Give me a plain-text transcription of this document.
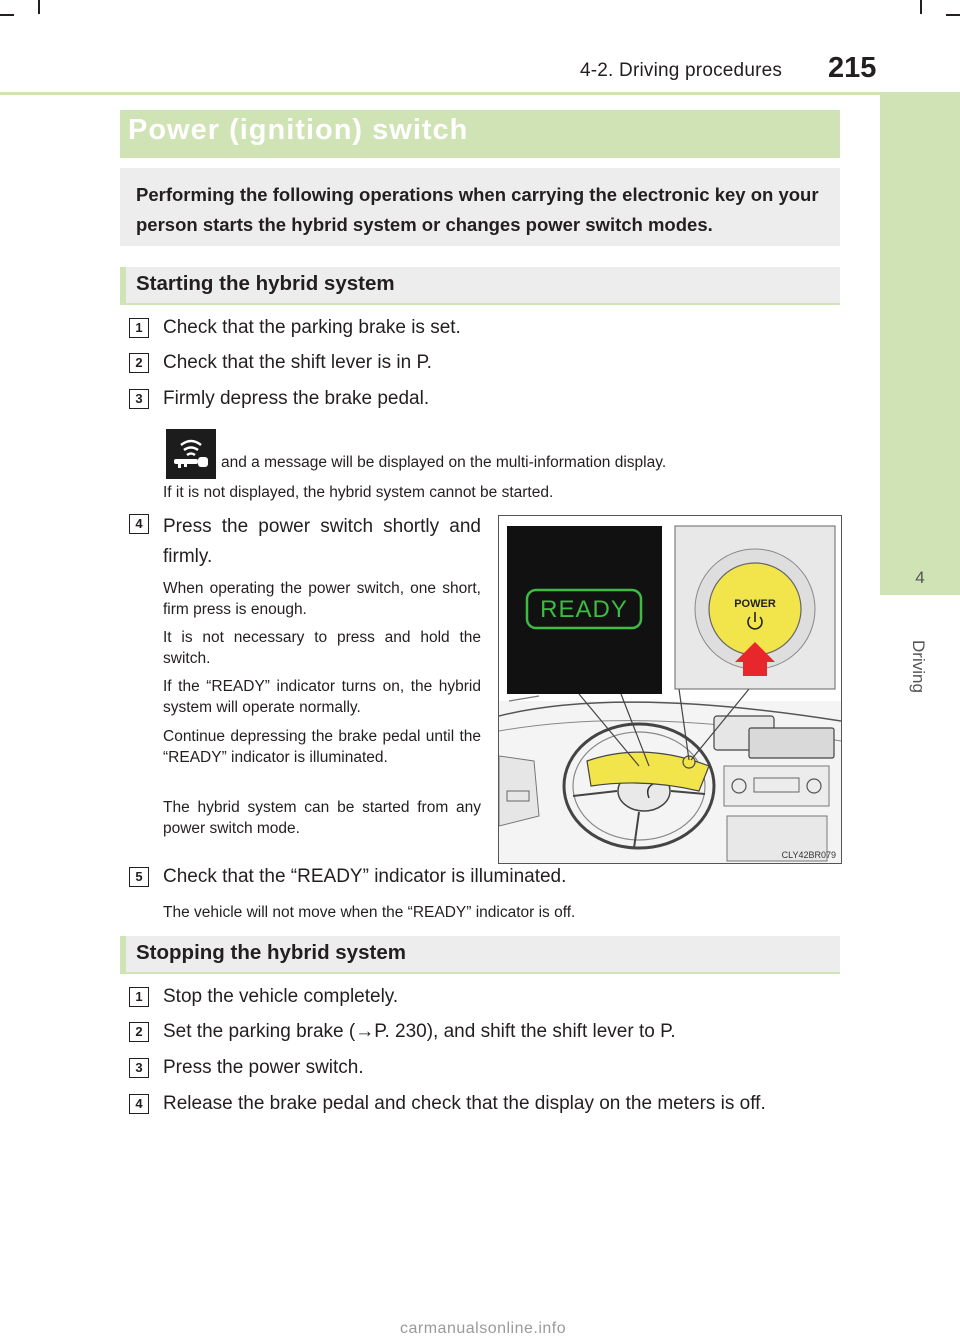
4-2. Driving procedures 215
4
Driving
Power (ignition) switch

Performing the following operations when carrying the electronic key on your person starts the hybrid system or changes power switch modes.

Starting the hybrid system
1	Check that the parking brake is set.
2	Check that the shift lever is in P.
3	Firmly depress the brake pedal.
and a message will be displayed on the multi-information display.
If it is not displayed, the hybrid system cannot be started.
4	Press the power switch shortly and firmly.
When operating the power switch, one short, firm press is enough.
It is not necessary to press and hold the switch.
If the “READY” indicator turns on, the hybrid system will operate normally.
Continue depressing the brake pedal until the “READY” indicator is illuminated.
The hybrid system can be started from any power switch mode.
READY	POWER
CLY42BR079
5	Check that the “READY” indicator is illuminated.
The vehicle will not move when the “READY” indicator is off.
Stopping the hybrid system
1	Stop the vehicle completely.
2	Set the parking brake (→P. 230), and shift the shift lever to P.
3	Press the power switch.
4	Release the brake pedal and check that the display on the meters is off.
carmanualsonline.info
